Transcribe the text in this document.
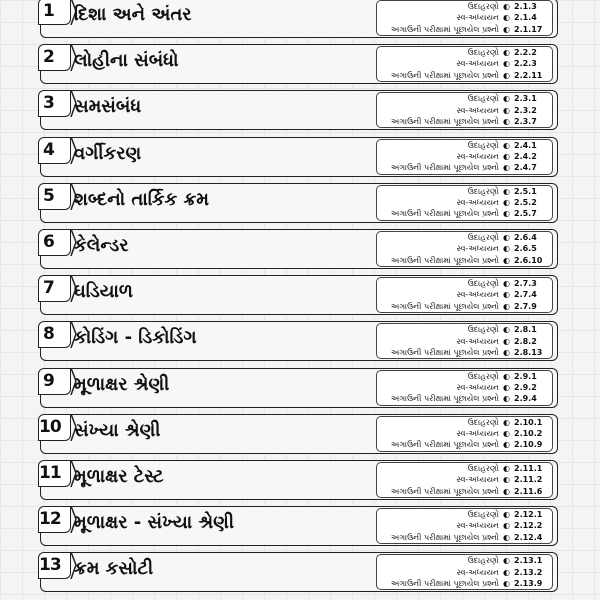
1 દિશા અને અંતર	ઉદાહરણો ◐ 2.1.3
સ્વ-અધ્યયન ◐ 2.1.4
અગાઉની પરીક્ષામાં પૂછાયેલ પ્રશ્નો ◐ 2.1.17
2 લોહીના સંબંધો	ઉદાહરણો ◐ 2.2.2
સ્વ-અધ્યયન ◐ 2.2.3
અગાઉની પરીક્ષામાં પૂછાયેલ પ્રશ્નો ◐ 2.2.11
3 સમસંબંધ	ઉદાહરણો ◐ 2.3.1
સ્વ-અધ્યયન ◐ 2.3.2
અગાઉની પરીક્ષામાં પૂછાયેલ પ્રશ્નો ◐ 2.3.7
4 વર્ગીકરણ	ઉદાહરણો ◐ 2.4.1
સ્વ-અધ્યયન ◐ 2.4.2
અગાઉની પરીક્ષામાં પૂછાયેલ પ્રશ્નો ◐ 2.4.7
5 શબ્દનો તાર્કિક ક્રમ	ઉદાહરણો ◐ 2.5.1
સ્વ-અધ્યયન ◐ 2.5.2
અગાઉની પરીક્ષામાં પૂછાયેલ પ્રશ્નો ◐ 2.5.7
6 કેલેન્ડર	ઉદાહરણો ◐ 2.6.4
સ્વ-અધ્યયન ◐ 2.6.5
અગાઉની પરીક્ષામાં પૂછાયેલ પ્રશ્નો ◐ 2.6.10
7 ઘડિયાળ	ઉદાહરણો ◐ 2.7.3
સ્વ-અધ્યયન ◐ 2.7.4
અગાઉની પરીક્ષામાં પૂછાયેલ પ્રશ્નો ◐ 2.7.9
8 કોડિંગ - ડિકોડિંગ	ઉદાહરણો ◐ 2.8.1
સ્વ-અધ્યયન ◐ 2.8.2
અગાઉની પરીક્ષામાં પૂછાયેલ પ્રશ્નો ◐ 2.8.13
9 મૂળાક્ષર શ્રેણી	ઉદાહરણો ◐ 2.9.1
સ્વ-અધ્યયન ◐ 2.9.2
અગાઉની પરીક્ષામાં પૂછાયેલ પ્રશ્નો ◐ 2.9.4
10 સંખ્યા શ્રેણી	ઉદાહરણો ◐ 2.10.1
સ્વ-અધ્યયન ◐ 2.10.2
અગાઉની પરીક્ષામાં પૂછાયેલ પ્રશ્નો ◐ 2.10.9
11 મૂળાક્ષર ટેસ્ટ	ઉદાહરણો ◐ 2.11.1
સ્વ-અધ્યયન ◐ 2.11.2
અગાઉની પરીક્ષામાં પૂછાયેલ પ્રશ્નો ◐ 2.11.6
12 મૂળાક્ષર - સંખ્યા શ્રેણી	ઉદાહરણો ◐ 2.12.1
સ્વ-અધ્યયન ◐ 2.12.2
અગાઉની પરીક્ષામાં પૂછાયેલ પ્રશ્નો ◐ 2.12.4
13 ક્રમ કસોટી	ઉદાહરણો ◐ 2.13.1
સ્વ-અધ્યયન ◐ 2.13.2
અગાઉની પરીક્ષામાં પૂછાયેલ પ્રશ્નો ◐ 2.13.9
